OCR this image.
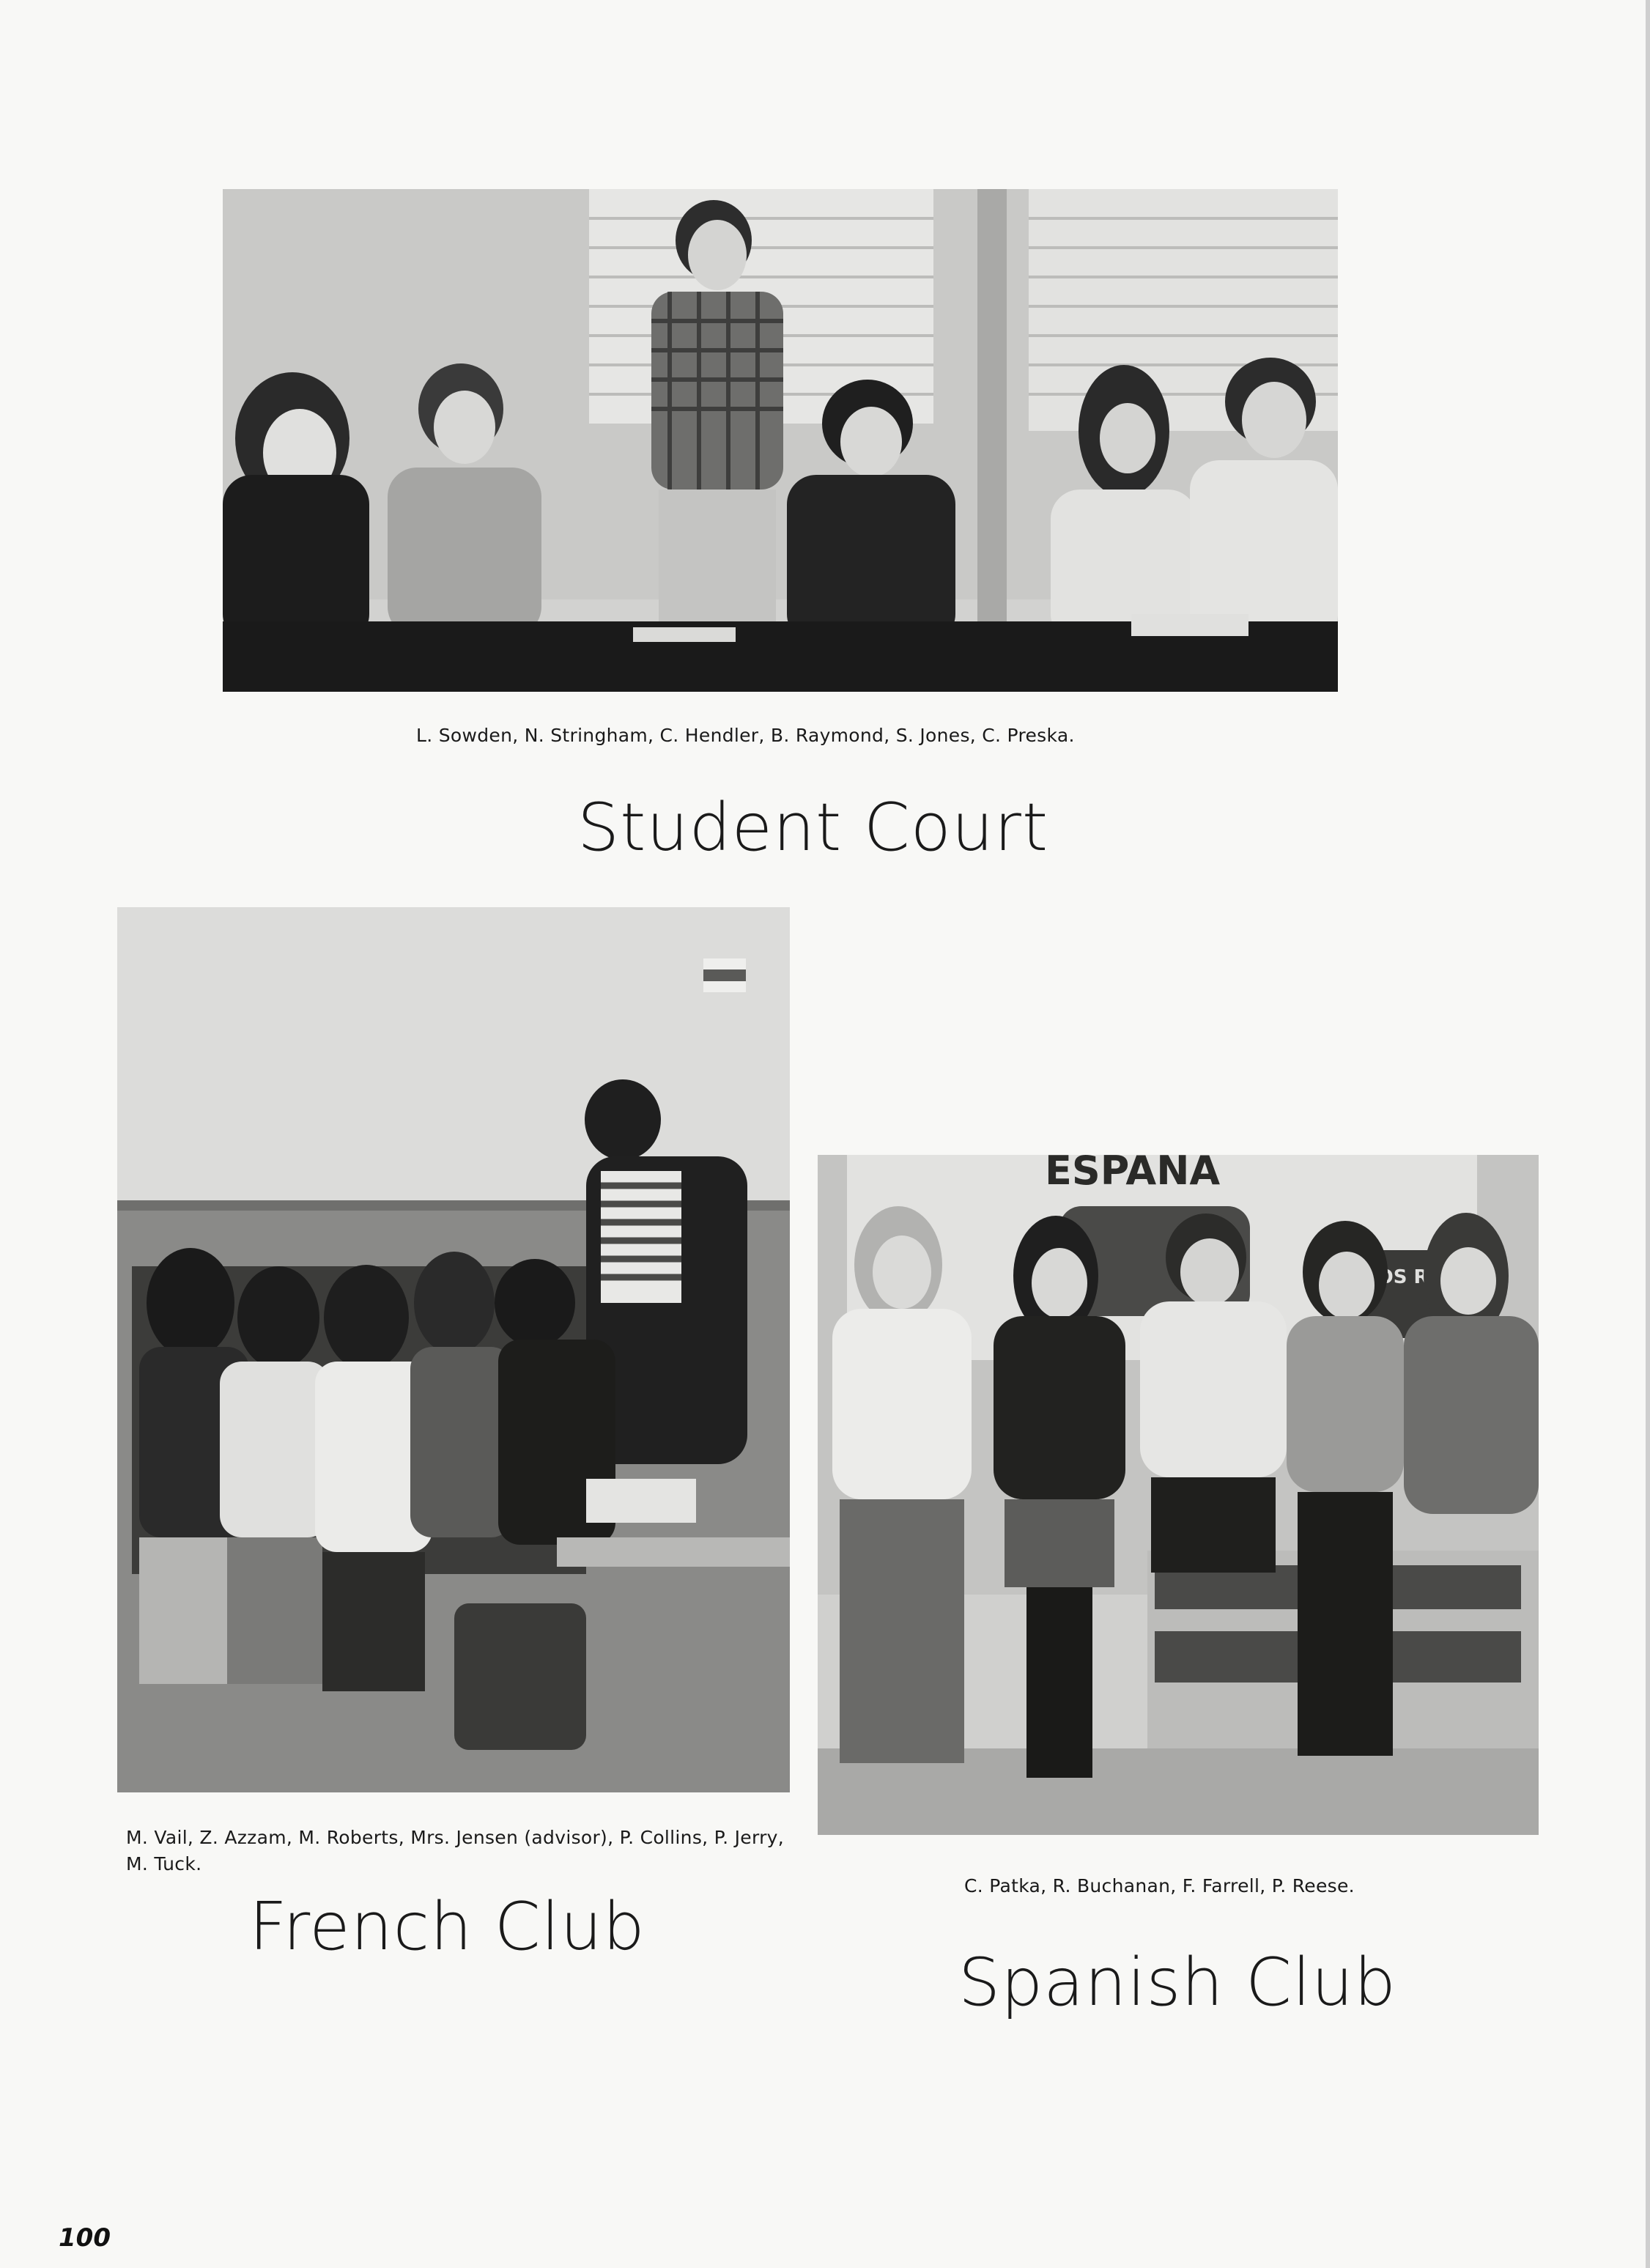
L. Sowden, N. Stringham, C. Hendler, B. Raymond, S. Jones, C. Preska.
Student Court
M. Vail, Z. Azzam, M. Roberts, Mrs. Jensen (advisor), P. Collins, P. Jerry, M. Tuck.
French Club
ESPANA
R
C. Patka, R. Buchanan, F. Farrell, P. Reese.
Spanish Club
100
